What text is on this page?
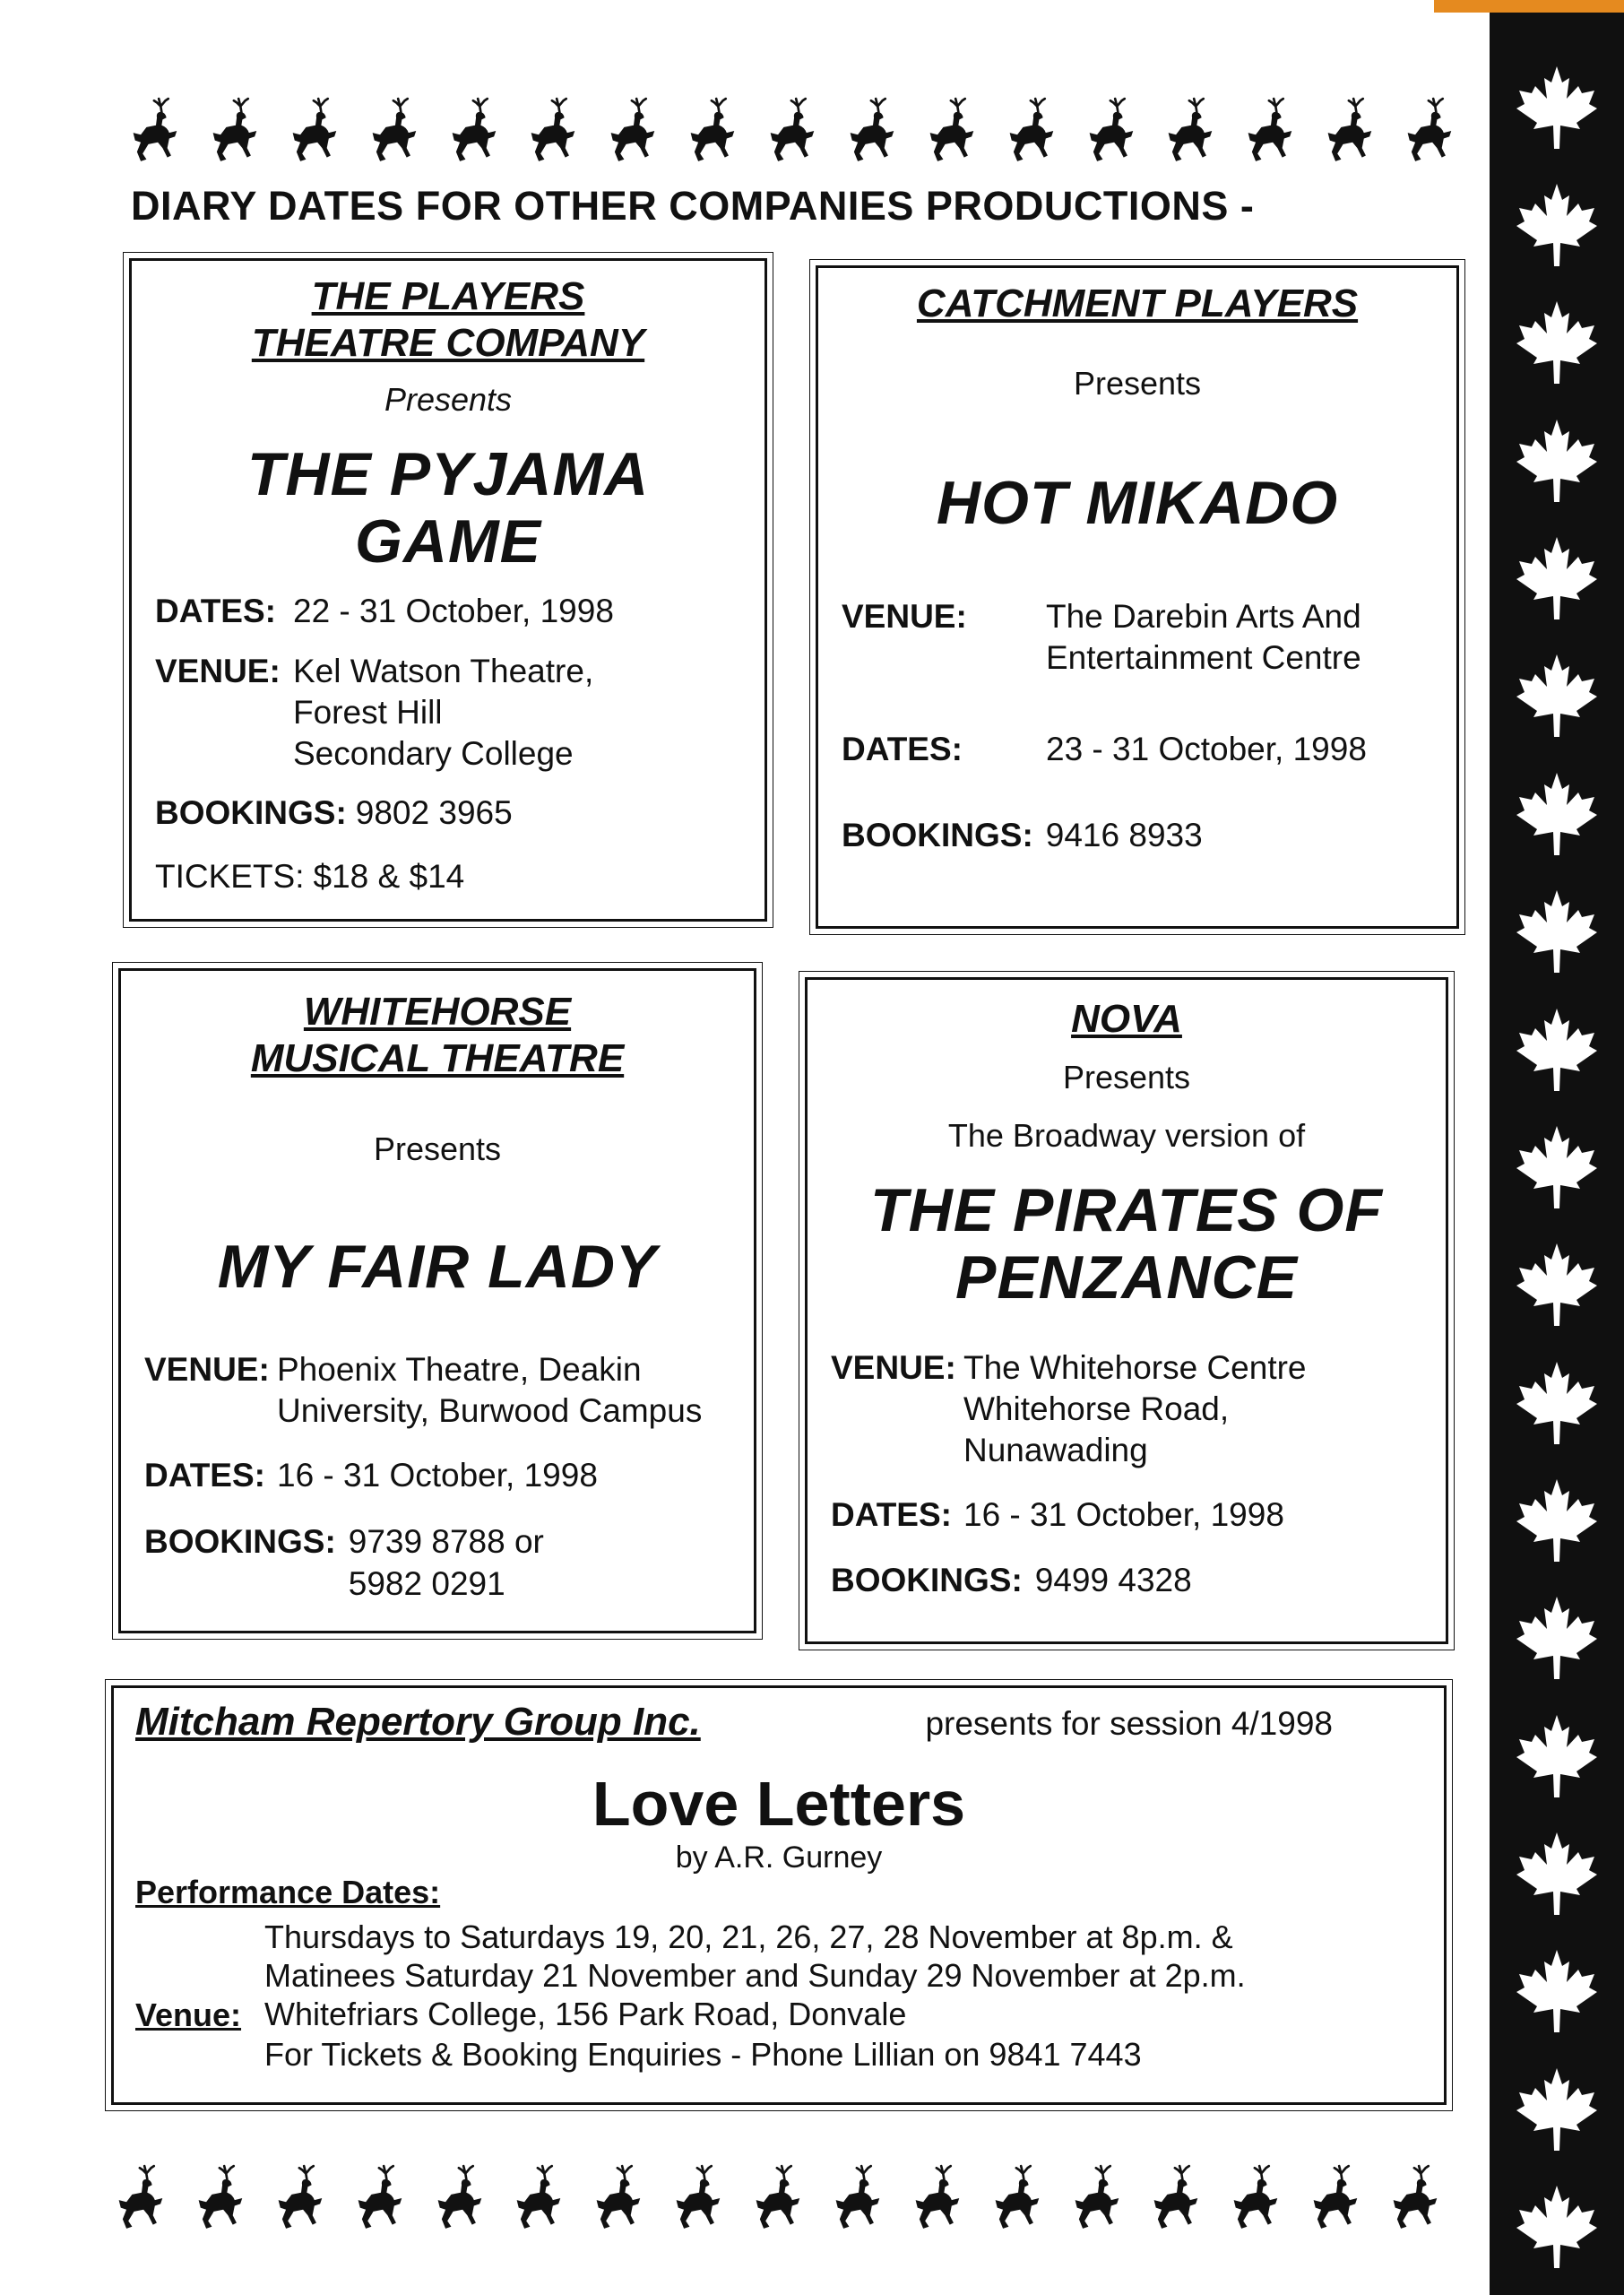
DIARY DATES FOR OTHER COMPANIES PRODUCTIONS -
THE PLAYERS
THEATRE COMPANY
Presents
THE PYJAMA
GAME
DATES: 22 - 31 October, 1998
VENUE: Kel Watson Theatre,
Forest Hill
Secondary College
BOOKINGS: 9802 3965
TICKETS: $18 & $14
CATCHMENT PLAYERS
Presents
HOT MIKADO
VENUE:	The Darebin Arts And
Entertainment Centre
DATES:	23 - 31 October, 1998
BOOKINGS: 9416 8933
WHITEHORSE
MUSICAL THEATRE
Presents
MY FAIR LADY
VENUE: Phoenix Theatre, Deakin
University, Burwood Campus
DATES: 16 - 31 October, 1998
BOOKINGS: 9739 8788 or
5982 0291
NOVA
Presents
The Broadway version of
THE PIRATES OF
PENZANCE
VENUE: The Whitehorse Centre
Whitehorse Road,
Nunawading
DATES: 16 - 31 October, 1998
BOOKINGS: 9499 4328
Mitcham Repertory Group Inc.	presents for session 4/1998
Love Letters
by A.R. Gurney
Performance Dates:
Thursdays to Saturdays 19, 20, 21, 26, 27, 28 November at 8p.m. &
Matinees Saturday 21 November and Sunday 29 November at 2p.m.
Venue: Whitefriars College, 156 Park Road, Donvale
For Tickets & Booking Enquiries - Phone Lillian on 9841 7443
